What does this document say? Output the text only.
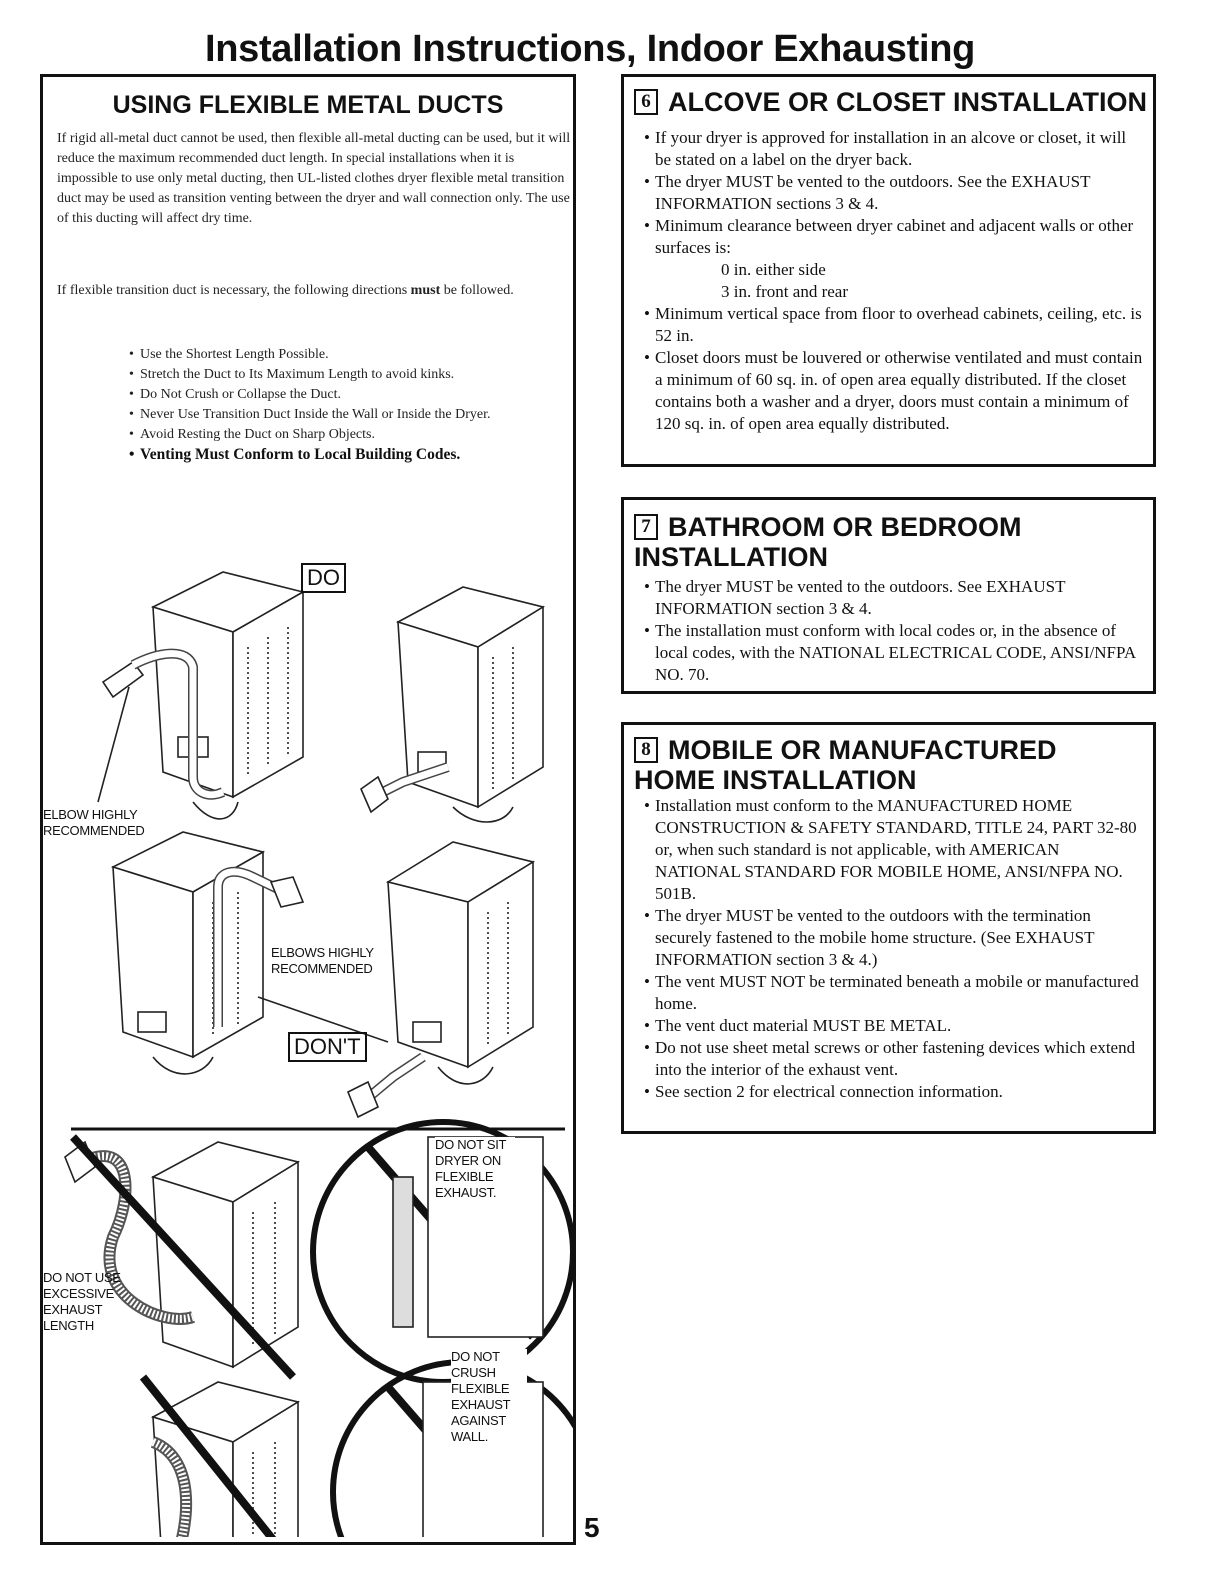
Installation Instructions, Indoor Exhausting
USING FLEXIBLE METAL DUCTS

If rigid all-metal duct cannot be used, then flexible all-metal ducting can be used, but it will reduce the maximum recommended duct length. In special installations when it is impossible to use only metal ducting, then UL-listed clothes dryer flexible metal transition duct may be used as transition venting between the dryer and wall connection only. The use of this ducting will affect dry time.

If flexible transition duct is necessary, the following directions must be followed.

• Use the Shortest Length Possible.

• Stretch the Duct to Its Maximum Length to avoid kinks.

• Do Not Crush or Collapse the Duct.

• Never Use Transition Duct Inside the Wall or Inside the Dryer.

• Avoid Resting the Duct on Sharp Objects.

• Venting Must Conform to Local Building Codes.

DO
DON'T
ELBOW HIGHLY RECOMMENDED
ELBOWS HIGHLY RECOMMENDED
DO NOT USE EXCESSIVE EXHAUST LENGTH
DO NOT SIT DRYER ON FLEXIBLE EXHAUST.
DO NOT CRUSH FLEXIBLE EXHAUST AGAINST WALL.
5
6 ALCOVE OR CLOSET INSTALLATION

• If your dryer is approved for installation in an alcove or closet, it will be stated on a label on the dryer back.

• The dryer MUST be vented to the outdoors. See the EXHAUST INFORMATION sections 3 & 4.

• Minimum clearance between dryer cabinet and adjacent walls or other surfaces is:

0 in. either side

3 in. front and rear

• Minimum vertical space from floor to overhead cabinets, ceiling, etc. is 52 in.

• Closet doors must be louvered or otherwise ventilated and must contain a minimum of 60 sq. in. of open area equally distributed. If the closet contains both a washer and a dryer, doors must contain a minimum of 120 sq. in. of open area equally distributed.

7 BATHROOM OR BEDROOM
INSTALLATION

• The dryer MUST be vented to the outdoors. See EXHAUST INFORMATION section 3 & 4.

• The installation must conform with local codes or, in the absence of local codes, with the NATIONAL ELECTRICAL CODE, ANSI/NFPA NO. 70.

8 MOBILE OR MANUFACTURED
HOME INSTALLATION

• Installation must conform to the MANUFACTURED HOME CONSTRUCTION & SAFETY STANDARD, TITLE 24, PART 32-80 or, when such standard is not applicable, with AMERICAN NATIONAL STANDARD FOR MOBILE HOME, ANSI/NFPA NO. 501B.

• The dryer MUST be vented to the outdoors with the termination securely fastened to the mobile home structure. (See EXHAUST INFORMATION section 3 & 4.)

• The vent MUST NOT be terminated beneath a mobile or manufactured home.

• The vent duct material MUST BE METAL.

• Do not use sheet metal screws or other fastening devices which extend into the interior of the exhaust vent.

• See section 2 for electrical connection information.
